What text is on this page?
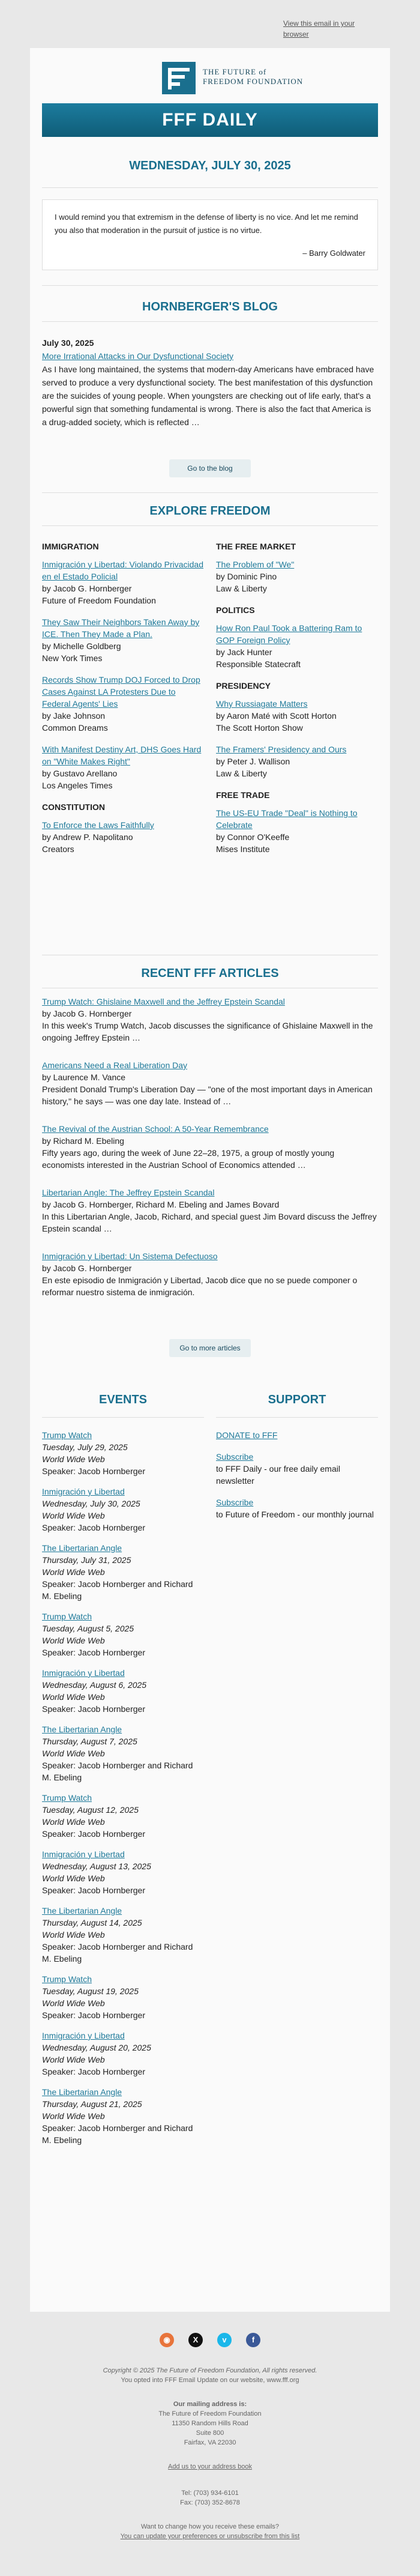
View this email in your browser
THE FUTURE of FREEDOM FOUNDATION
FFF DAILY
WEDNESDAY, JULY 30, 2025
I would remind you that extremism in the defense of liberty is no vice. And let me remind you also that moderation in the pursuit of justice is no virtue.
– Barry Goldwater
HORNBERGER'S BLOG
July 30, 2025
More Irrational Attacks in Our Dysfunctional Society
As I have long maintained, the systems that modern-day Americans have embraced have served to produce a very dysfunctional society. The best manifestation of this dysfunction are the suicides of young people. When youngsters are checking out of life early, that's a powerful sign that something fundamental is wrong. There is also the fact that America is a drug-added society, which is reflected …
Go to the blog
EXPLORE FREEDOM
IMMIGRATION
Inmigración y Libertad: Violando Privacidad en el Estado Policial
by Jacob G. Hornberger
Future of Freedom Foundation
They Saw Their Neighbors Taken Away by ICE. Then They Made a Plan.
by Michelle Goldberg
New York Times
Records Show Trump DOJ Forced to Drop Cases Against LA Protesters Due to Federal Agents' Lies
by Jake Johnson
Common Dreams
With Manifest Destiny Art, DHS Goes Hard on "White Makes Right"
by Gustavo Arellano
Los Angeles Times
CONSTITUTION
To Enforce the Laws Faithfully
by Andrew P. Napolitano
Creators
THE FREE MARKET
The Problem of "We"
by Dominic Pino
Law & Liberty
POLITICS
How Ron Paul Took a Battering Ram to GOP Foreign Policy
by Jack Hunter
Responsible Statecraft
PRESIDENCY
Why Russiagate Matters
by Aaron Maté with Scott Horton
The Scott Horton Show
The Framers' Presidency and Ours
by Peter J. Wallison
Law & Liberty
FREE TRADE
The US-EU Trade "Deal" is Nothing to Celebrate
by Connor O'Keeffe
Mises Institute
RECENT FFF ARTICLES
Trump Watch: Ghislaine Maxwell and the Jeffrey Epstein Scandal
by Jacob G. Hornberger
In this week's Trump Watch, Jacob discusses the significance of Ghislaine Maxwell in the ongoing Jeffrey Epstein …
Americans Need a Real Liberation Day
by Laurence M. Vance
President Donald Trump's Liberation Day — "one of the most important days in American history," he says — was one day late. Instead of …
The Revival of the Austrian School: A 50-Year Remembrance
by Richard M. Ebeling
Fifty years ago, during the week of June 22–28, 1975, a group of mostly young economists interested in the Austrian School of Economics attended …
Libertarian Angle: The Jeffrey Epstein Scandal
by Jacob G. Hornberger, Richard M. Ebeling and James Bovard
In this Libertarian Angle, Jacob, Richard, and special guest Jim Bovard discuss the Jeffrey Epstein scandal …
Inmigración y Libertad: Un Sistema Defectuoso
by Jacob G. Hornberger
En este episodio de Inmigración y Libertad, Jacob dice que no se puede componer o reformar nuestro sistema de inmigración.
Go to more articles
EVENTS	SUPPORT
Trump Watch
Tuesday, July 29, 2025
World Wide Web
Speaker: Jacob Hornberger
Inmigración y Libertad
Wednesday, July 30, 2025
World Wide Web
Speaker: Jacob Hornberger
The Libertarian Angle
Thursday, July 31, 2025
World Wide Web
Speaker: Jacob Hornberger and Richard M. Ebeling
Trump Watch
Tuesday, August 5, 2025
World Wide Web
Speaker: Jacob Hornberger
Inmigración y Libertad
Wednesday, August 6, 2025
World Wide Web
Speaker: Jacob Hornberger
The Libertarian Angle
Thursday, August 7, 2025
World Wide Web
Speaker: Jacob Hornberger and Richard M. Ebeling
Trump Watch
Tuesday, August 12, 2025
World Wide Web
Speaker: Jacob Hornberger
Inmigración y Libertad
Wednesday, August 13, 2025
World Wide Web
Speaker: Jacob Hornberger
The Libertarian Angle
Thursday, August 14, 2025
World Wide Web
Speaker: Jacob Hornberger and Richard M. Ebeling
Trump Watch
Tuesday, August 19, 2025
World Wide Web
Speaker: Jacob Hornberger
Inmigración y Libertad
Wednesday, August 20, 2025
World Wide Web
Speaker: Jacob Hornberger
The Libertarian Angle
Thursday, August 21, 2025
World Wide Web
Speaker: Jacob Hornberger and Richard M. Ebeling
DONATE to FFF
Subscribe
to FFF Daily - our free daily email newsletter
Subscribe
to Future of Freedom - our monthly journal
◉	X	v	f
Copyright © 2025 The Future of Freedom Foundation, All rights reserved.
You opted into FFF Email Update on our website, www.fff.org
Our mailing address is:
The Future of Freedom Foundation
11350 Random Hills Road
Suite 800
Fairfax, VA 22030
Add us to your address book
Tel: (703) 934-6101
Fax: (703) 352-8678
Want to change how you receive these emails?
You can update your preferences or unsubscribe from this list
